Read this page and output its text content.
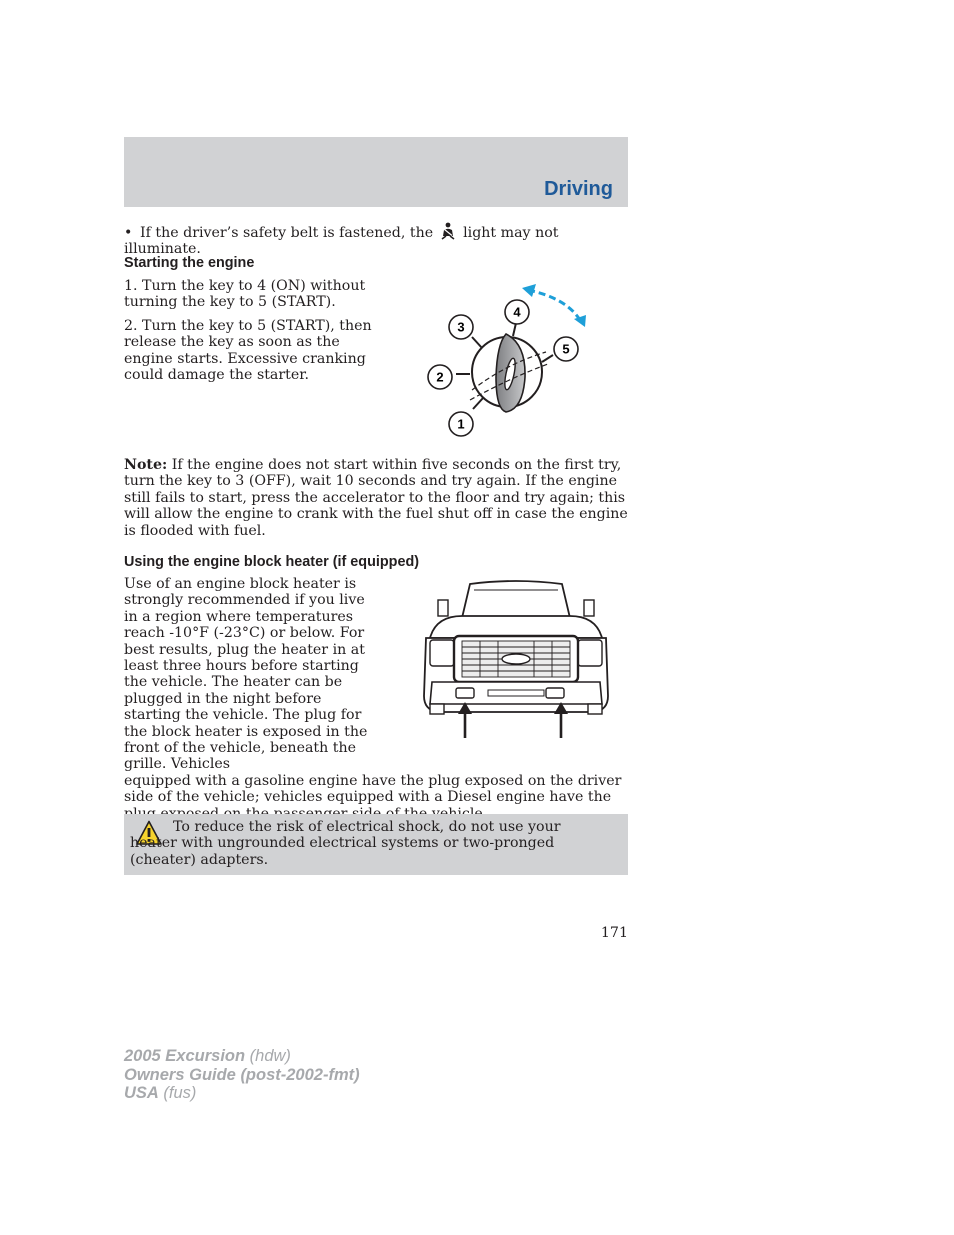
Driving

• If the driver’s safety belt is fastened, the light may not illuminate.

Starting the engine

1. Turn the key to 4 (ON) without turning the key to 5 (START).

2. Turn the key to 5 (START), then release the key as soon as the engine starts. Excessive cranking could damage the starter.

1
2
3
4
5

Note: If the engine does not start within five seconds on the first try, turn the key to 3 (OFF), wait 10 seconds and try again. If the engine still fails to start, press the accelerator to the floor and try again; this will allow the engine to crank with the fuel shut off in case the engine is flooded with fuel.

Using the engine block heater (if equipped)
Use of an engine block heater is strongly recommended if you live in a region where temperatures reach -10°F (-23°C) or below. For best results, plug the heater in at least three hours before starting the vehicle. The heater can be plugged in the night before starting the vehicle. The plug for the block heater is exposed in the front of the vehicle, beneath the grille. Vehicles
equipped with a gasoline engine have the plug exposed on the driver side of the vehicle; vehicles equipped with a Diesel engine have the

To reduce the risk of electrical shock, do not use your heater with ungrounded electrical systems or two-pronged (cheater) adapters.

171
2005 Excursion (hdw)
Owners Guide (post-2002-fmt)
USA (fus)
